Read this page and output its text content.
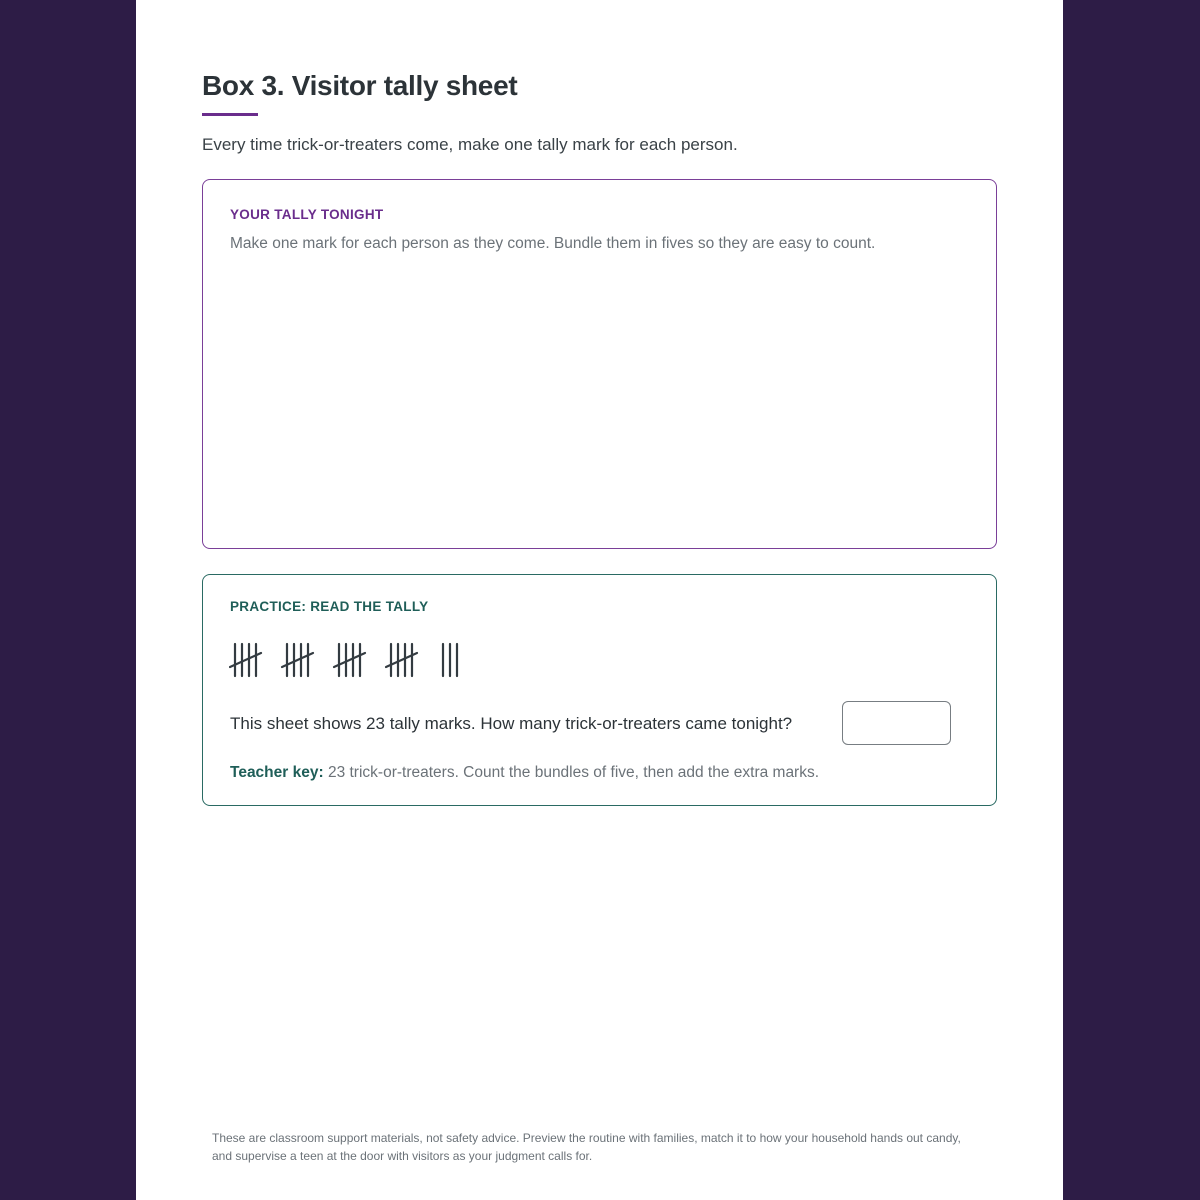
Box 3. Visitor tally sheet

Every time trick-or-treaters come, make one tally mark for each person.

YOUR TALLY TONIGHT
Make one mark for each person as they come. Bundle them in fives so they are easy to count.
PRACTICE: READ THE TALLY
This sheet shows 23 tally marks. How many trick-or-treaters came tonight?
Teacher key: 23 trick-or-treaters. Count the bundles of five, then add the extra marks.

These are classroom support materials, not safety advice. Preview the routine with families, match it to how your household hands out candy, and supervise a teen at the door with visitors as your judgment calls for.
